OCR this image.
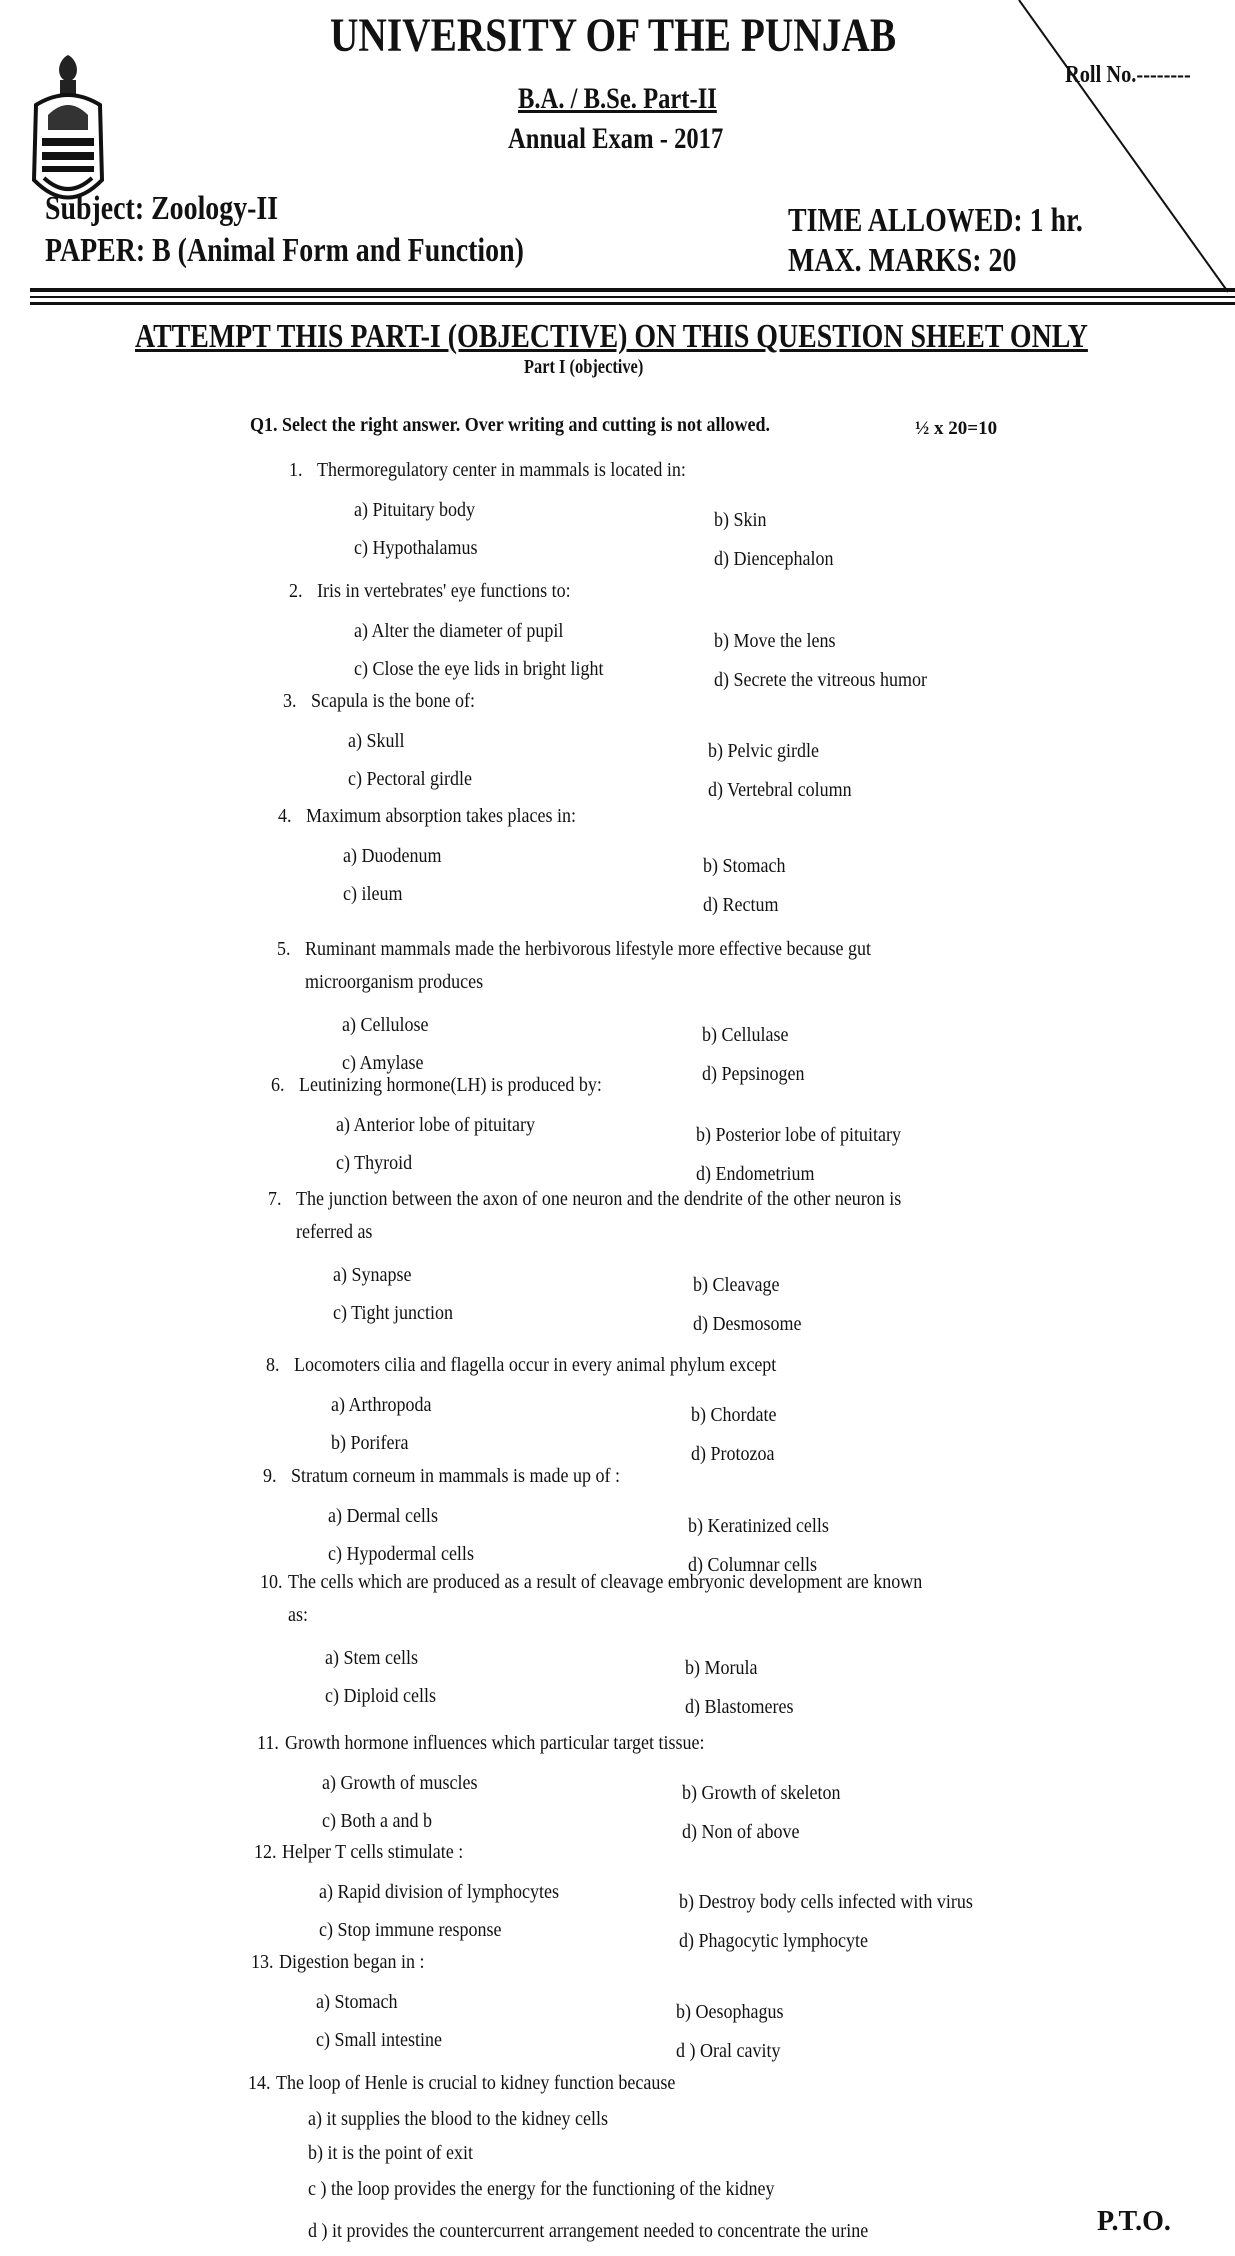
UNIVERSITY OF THE PUNJAB
Roll No.--------
B.A. / B.Se. Part-II
Annual Exam - 2017
Subject: Zoology-II
PAPER: B (Animal Form and Function)
TIME ALLOWED: 1 hr.
MAX. MARKS: 20
ATTEMPT THIS PART-I (OBJECTIVE) ON THIS QUESTION SHEET ONLY
Part I (objective)
Q1. Select the right answer. Over writing and cutting is not allowed.	½ x 20=10
1. Thermoregulatory center in mammals is located in:
a) Pituitary body	b) Skin
c) Hypothalamus	d) Diencephalon
2. Iris in vertebrates' eye functions to:
a) Alter the diameter of pupil	b) Move the lens
c) Close the eye lids in bright light	d) Secrete the vitreous humor
3. Scapula is the bone of:
a) Skull	b) Pelvic girdle
c) Pectoral girdle	d) Vertebral column
4. Maximum absorption takes places in:
a) Duodenum	b) Stomach
c) ileum	d) Rectum
5. Ruminant mammals made the herbivorous lifestyle more effective because gut
microorganism produces
a) Cellulose	b) Cellulase
c) Amylase	d) Pepsinogen
6. Leutinizing hormone(LH) is produced by:
a) Anterior lobe of pituitary	b) Posterior lobe of pituitary
c) Thyroid	d) Endometrium
7. The junction between the axon of one neuron and the dendrite of the other neuron is
referred as
a) Synapse	b) Cleavage
c) Tight junction	d) Desmosome
8. Locomoters cilia and flagella occur in every animal phylum except
a) Arthropoda	b) Chordate
b) Porifera	d) Protozoa
9. Stratum corneum in mammals is made up of :
a) Dermal cells	b) Keratinized cells
c) Hypodermal cells	d) Columnar cells
10. The cells which are produced as a result of cleavage embryonic development are known
as:
a) Stem cells	b) Morula
c) Diploid cells	d) Blastomeres
11. Growth hormone influences which particular target tissue:
a) Growth of muscles	b) Growth of skeleton
c) Both a and b	d) Non of above
12. Helper T cells stimulate :
a) Rapid division of lymphocytes	b) Destroy body cells infected with virus
c) Stop immune response	d) Phagocytic lymphocyte
13. Digestion began in :
a) Stomach	b) Oesophagus
c) Small intestine	d ) Oral cavity
14. The loop of Henle is crucial to kidney function because
a) it supplies the blood to the kidney cells
b) it is the point of exit
c ) the loop provides the energy for the functioning of the kidney
d ) it provides the countercurrent arrangement needed to concentrate the urine	P.T.O.
